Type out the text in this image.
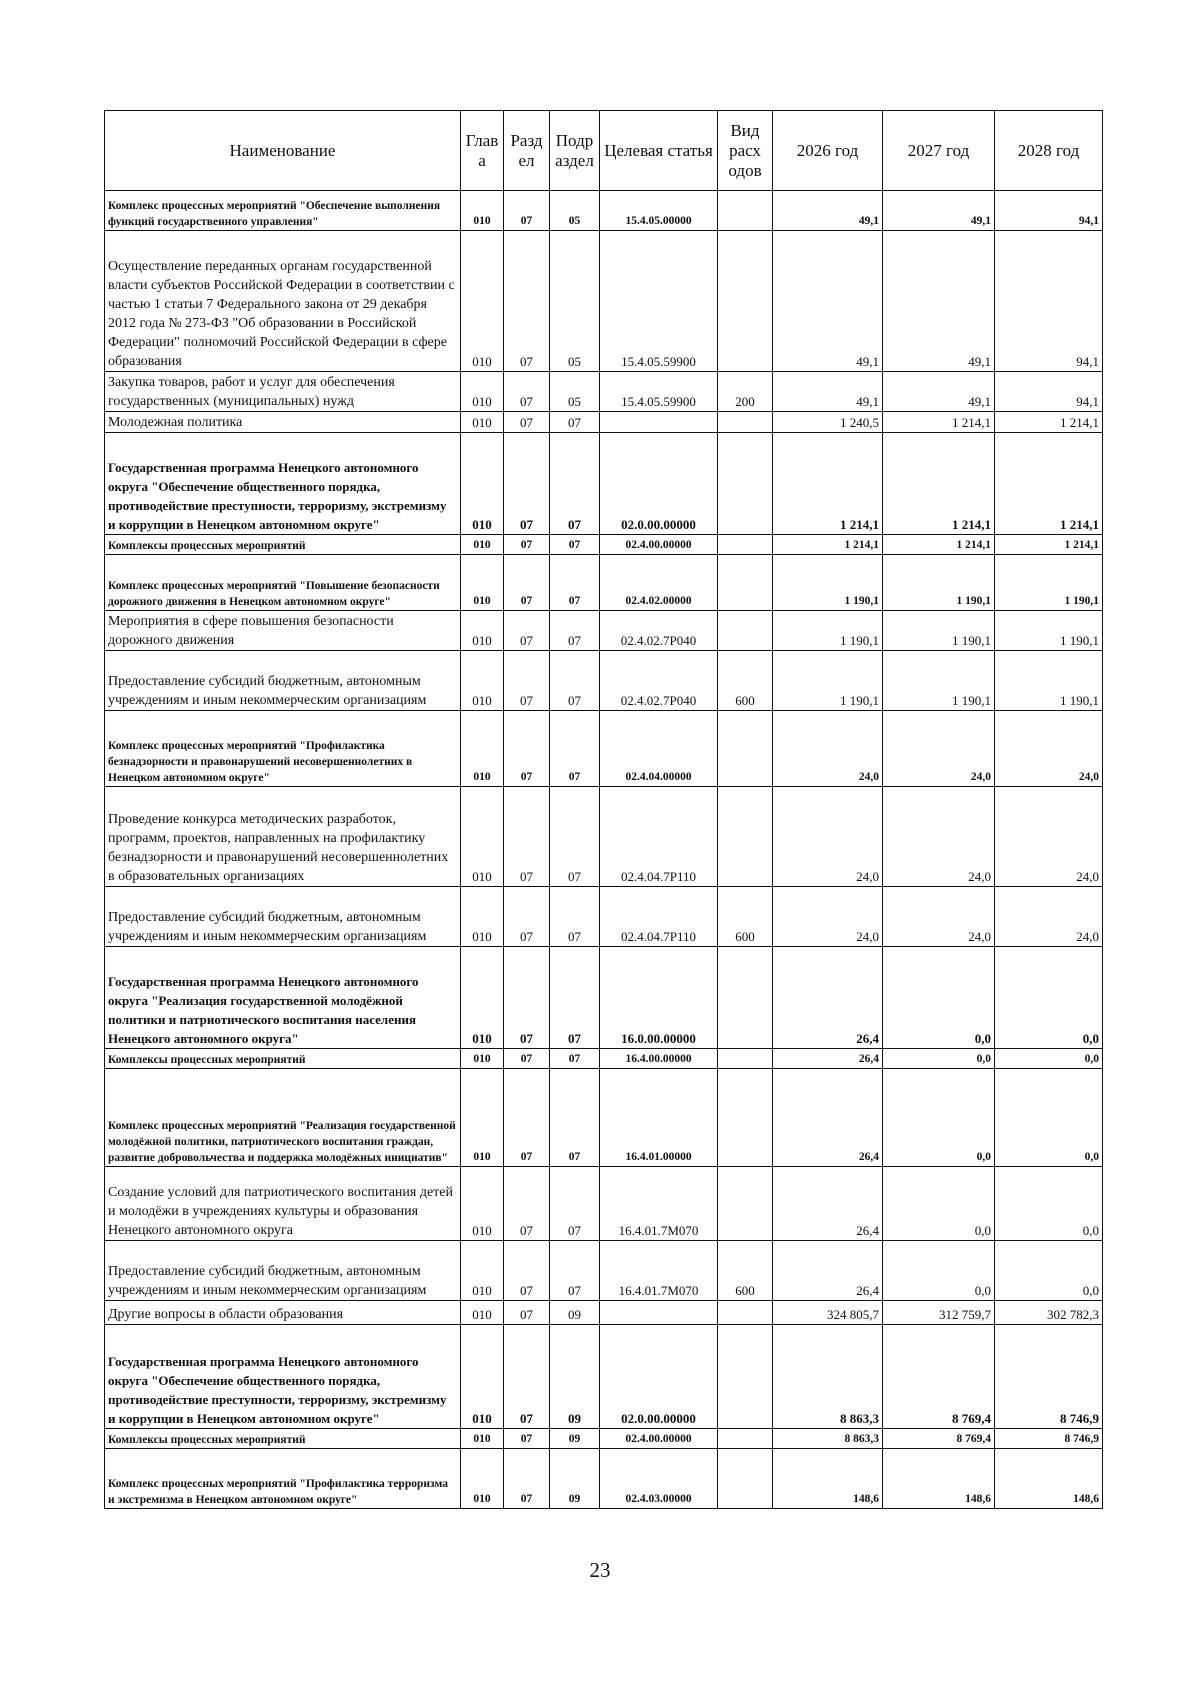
Наименование	Глав а	Разд ел	Подр аздел	Целевая статья	Вид расх одов	2026 год	2027 год	2028 год
Комплекс процессных мероприятий "Обеспечение выполнения функций государственного управления"	010	07	05	15.4.05.00000		49,1	49,1	94,1
Осуществление переданных органам государственной власти субъектов Российской Федерации в соответствии с частью 1 статьи 7 Федерального закона от 29 декабря 2012 года № 273-ФЗ "Об образовании в Российской Федерации" полномочий Российской Федерации в сфере образования	010	07	05	15.4.05.59900		49,1	49,1	94,1
Закупка товаров, работ и услуг для обеспечения государственных (муниципальных) нужд	010	07	05	15.4.05.59900	200	49,1	49,1	94,1
Молодежная политика	010	07	07			1 240,5	1 214,1	1 214,1
Государственная программа Ненецкого автономного округа "Обеспечение общественного порядка, противодействие преступности, терроризму, экстремизму и коррупции в Ненецком автономном округе"	010	07	07	02.0.00.00000		1 214,1	1 214,1	1 214,1
Комплексы процессных мероприятий	010	07	07	02.4.00.00000		1 214,1	1 214,1	1 214,1
Комплекс процессных мероприятий "Повышение безопасности дорожного движения в Ненецком автономном округе"	010	07	07	02.4.02.00000		1 190,1	1 190,1	1 190,1
Мероприятия в сфере повышения безопасности дорожного движения	010	07	07	02.4.02.7Р040		1 190,1	1 190,1	1 190,1
Предоставление субсидий бюджетным, автономным учреждениям и иным некоммерческим организациям	010	07	07	02.4.02.7Р040	600	1 190,1	1 190,1	1 190,1
Комплекс процессных мероприятий "Профилактика безнадзорности и правонарушений несовершеннолетних в Ненецком автономном округе"	010	07	07	02.4.04.00000		24,0	24,0	24,0
Проведение конкурса методических разработок, программ, проектов, направленных на профилактику безнадзорности и правонарушений несовершеннолетних в образовательных организациях	010	07	07	02.4.04.7Р110		24,0	24,0	24,0
Предоставление субсидий бюджетным, автономным учреждениям и иным некоммерческим организациям	010	07	07	02.4.04.7Р110	600	24,0	24,0	24,0
Государственная программа Ненецкого автономного округа "Реализация государственной молодёжной политики и патриотического воспитания населения Ненецкого автономного округа"	010	07	07	16.0.00.00000		26,4	0,0	0,0
Комплексы процессных мероприятий	010	07	07	16.4.00.00000		26,4	0,0	0,0
Комплекс процессных мероприятий "Реализация государственной молодёжной политики, патриотического воспитания граждан, развитие добровольчества и поддержка молодёжных инициатив"	010	07	07	16.4.01.00000		26,4	0,0	0,0
Создание условий для патриотического воспитания детей и молодёжи в учреждениях культуры и образования Ненецкого автономного округа	010	07	07	16.4.01.7М070		26,4	0,0	0,0
Предоставление субсидий бюджетным, автономным учреждениям и иным некоммерческим организациям	010	07	07	16.4.01.7М070	600	26,4	0,0	0,0
Другие вопросы в области образования	010	07	09			324 805,7	312 759,7	302 782,3
Государственная программа Ненецкого автономного округа "Обеспечение общественного порядка, противодействие преступности, терроризму, экстремизму и коррупции в Ненецком автономном округе"	010	07	09	02.0.00.00000		8 863,3	8 769,4	8 746,9
Комплексы процессных мероприятий	010	07	09	02.4.00.00000		8 863,3	8 769,4	8 746,9
Комплекс процессных мероприятий "Профилактика терроризма и экстремизма в Ненецком автономном округе"	010	07	09	02.4.03.00000		148,6	148,6	148,6
23
